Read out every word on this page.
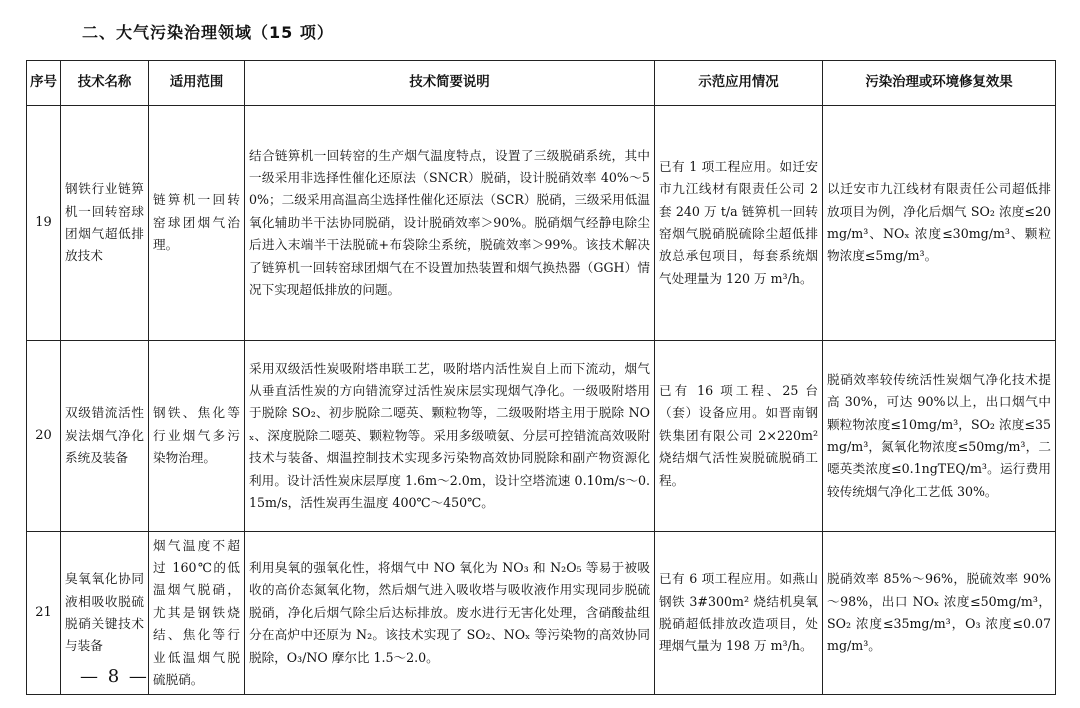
二、大气污染治理领域（15 项）
序号	技术名称	适用范围	技术简要说明	示范应用情况	污染治理或环境修复效果
19	钢铁行业链箅机一回转窑球团烟气超低排放技术	链箅机一回转窑球团烟气治理。	结合链箅机一回转窑的生产烟气温度特点，设置了三级脱硝系统，其中一级采用非选择性催化还原法（SNCR）脱硝，设计脱硝效率 40%～50%；二级采用高温高尘选择性催化还原法（SCR）脱硝，三级采用低温氧化辅助半干法协同脱硝，设计脱硝效率＞90%。脱硝烟气经静电除尘后进入末端半干法脱硫+布袋除尘系统，脱硫效率＞99%。该技术解决了链箅机一回转窑球团烟气在不设置加热装置和烟气换热器（GGH）情况下实现超低排放的问题。	已有 1 项工程应用。如迁安市九江线材有限责任公司 2 套 240 万 t/a 链箅机一回转窑烟气脱硝脱硫除尘超低排放总承包项目，每套系统烟气处理量为 120 万 m³/h。	以迁安市九江线材有限责任公司超低排放项目为例，净化后烟气 SO₂ 浓度≤20mg/m³、NOₓ 浓度≤30mg/m³、颗粒物浓度≤5mg/m³。
20	双级错流活性炭法烟气净化系统及装备	钢铁、焦化等行业烟气多污染物治理。	采用双级活性炭吸附塔串联工艺，吸附塔内活性炭自上而下流动，烟气从垂直活性炭的方向错流穿过活性炭床层实现烟气净化。一级吸附塔用于脱除 SO₂、初步脱除二噁英、颗粒物等，二级吸附塔主用于脱除 NOₓ、深度脱除二噁英、颗粒物等。采用多级喷氨、分层可控错流高效吸附技术与装备、烟温控制技术实现多污染物高效协同脱除和副产物资源化利用。设计活性炭床层厚度 1.6m～2.0m，设计空塔流速 0.10m/s～0.15m/s，活性炭再生温度 400℃～450℃。	已有 16 项工程、25 台（套）设备应用。如晋南钢铁集团有限公司 2×220m² 烧结烟气活性炭脱硫脱硝工程。	脱硝效率较传统活性炭烟气净化技术提高 30%，可达 90%以上，出口烟气中颗粒物浓度≤10mg/m³，SO₂ 浓度≤35mg/m³，氮氧化物浓度≤50mg/m³，二噁英类浓度≤0.1ngTEQ/m³。运行费用较传统烟气净化工艺低 30%。
21	臭氧氧化协同液相吸收脱硫脱硝关键技术与装备	烟气温度不超过 160℃的低温烟气脱硝，尤其是钢铁烧结、焦化等行业低温烟气脱硫脱硝。	利用臭氧的强氧化性，将烟气中 NO 氧化为 NO₃ 和 N₂O₅ 等易于被吸收的高价态氮氧化物，然后烟气进入吸收塔与吸收液作用实现同步脱硫脱硝，净化后烟气除尘后达标排放。废水进行无害化处理，含硝酸盐组分在高炉中还原为 N₂。该技术实现了 SO₂、NOₓ 等污染物的高效协同脱除，O₃/NO 摩尔比 1.5～2.0。	已有 6 项工程应用。如燕山钢铁 3#300m² 烧结机臭氧脱硝超低排放改造项目，处理烟气量为 198 万 m³/h。	脱硝效率 85%～96%，脱硫效率 90%～98%，出口 NOₓ 浓度≤50mg/m³，SO₂ 浓度≤35mg/m³，O₃ 浓度≤0.07mg/m³。
— 8 —
